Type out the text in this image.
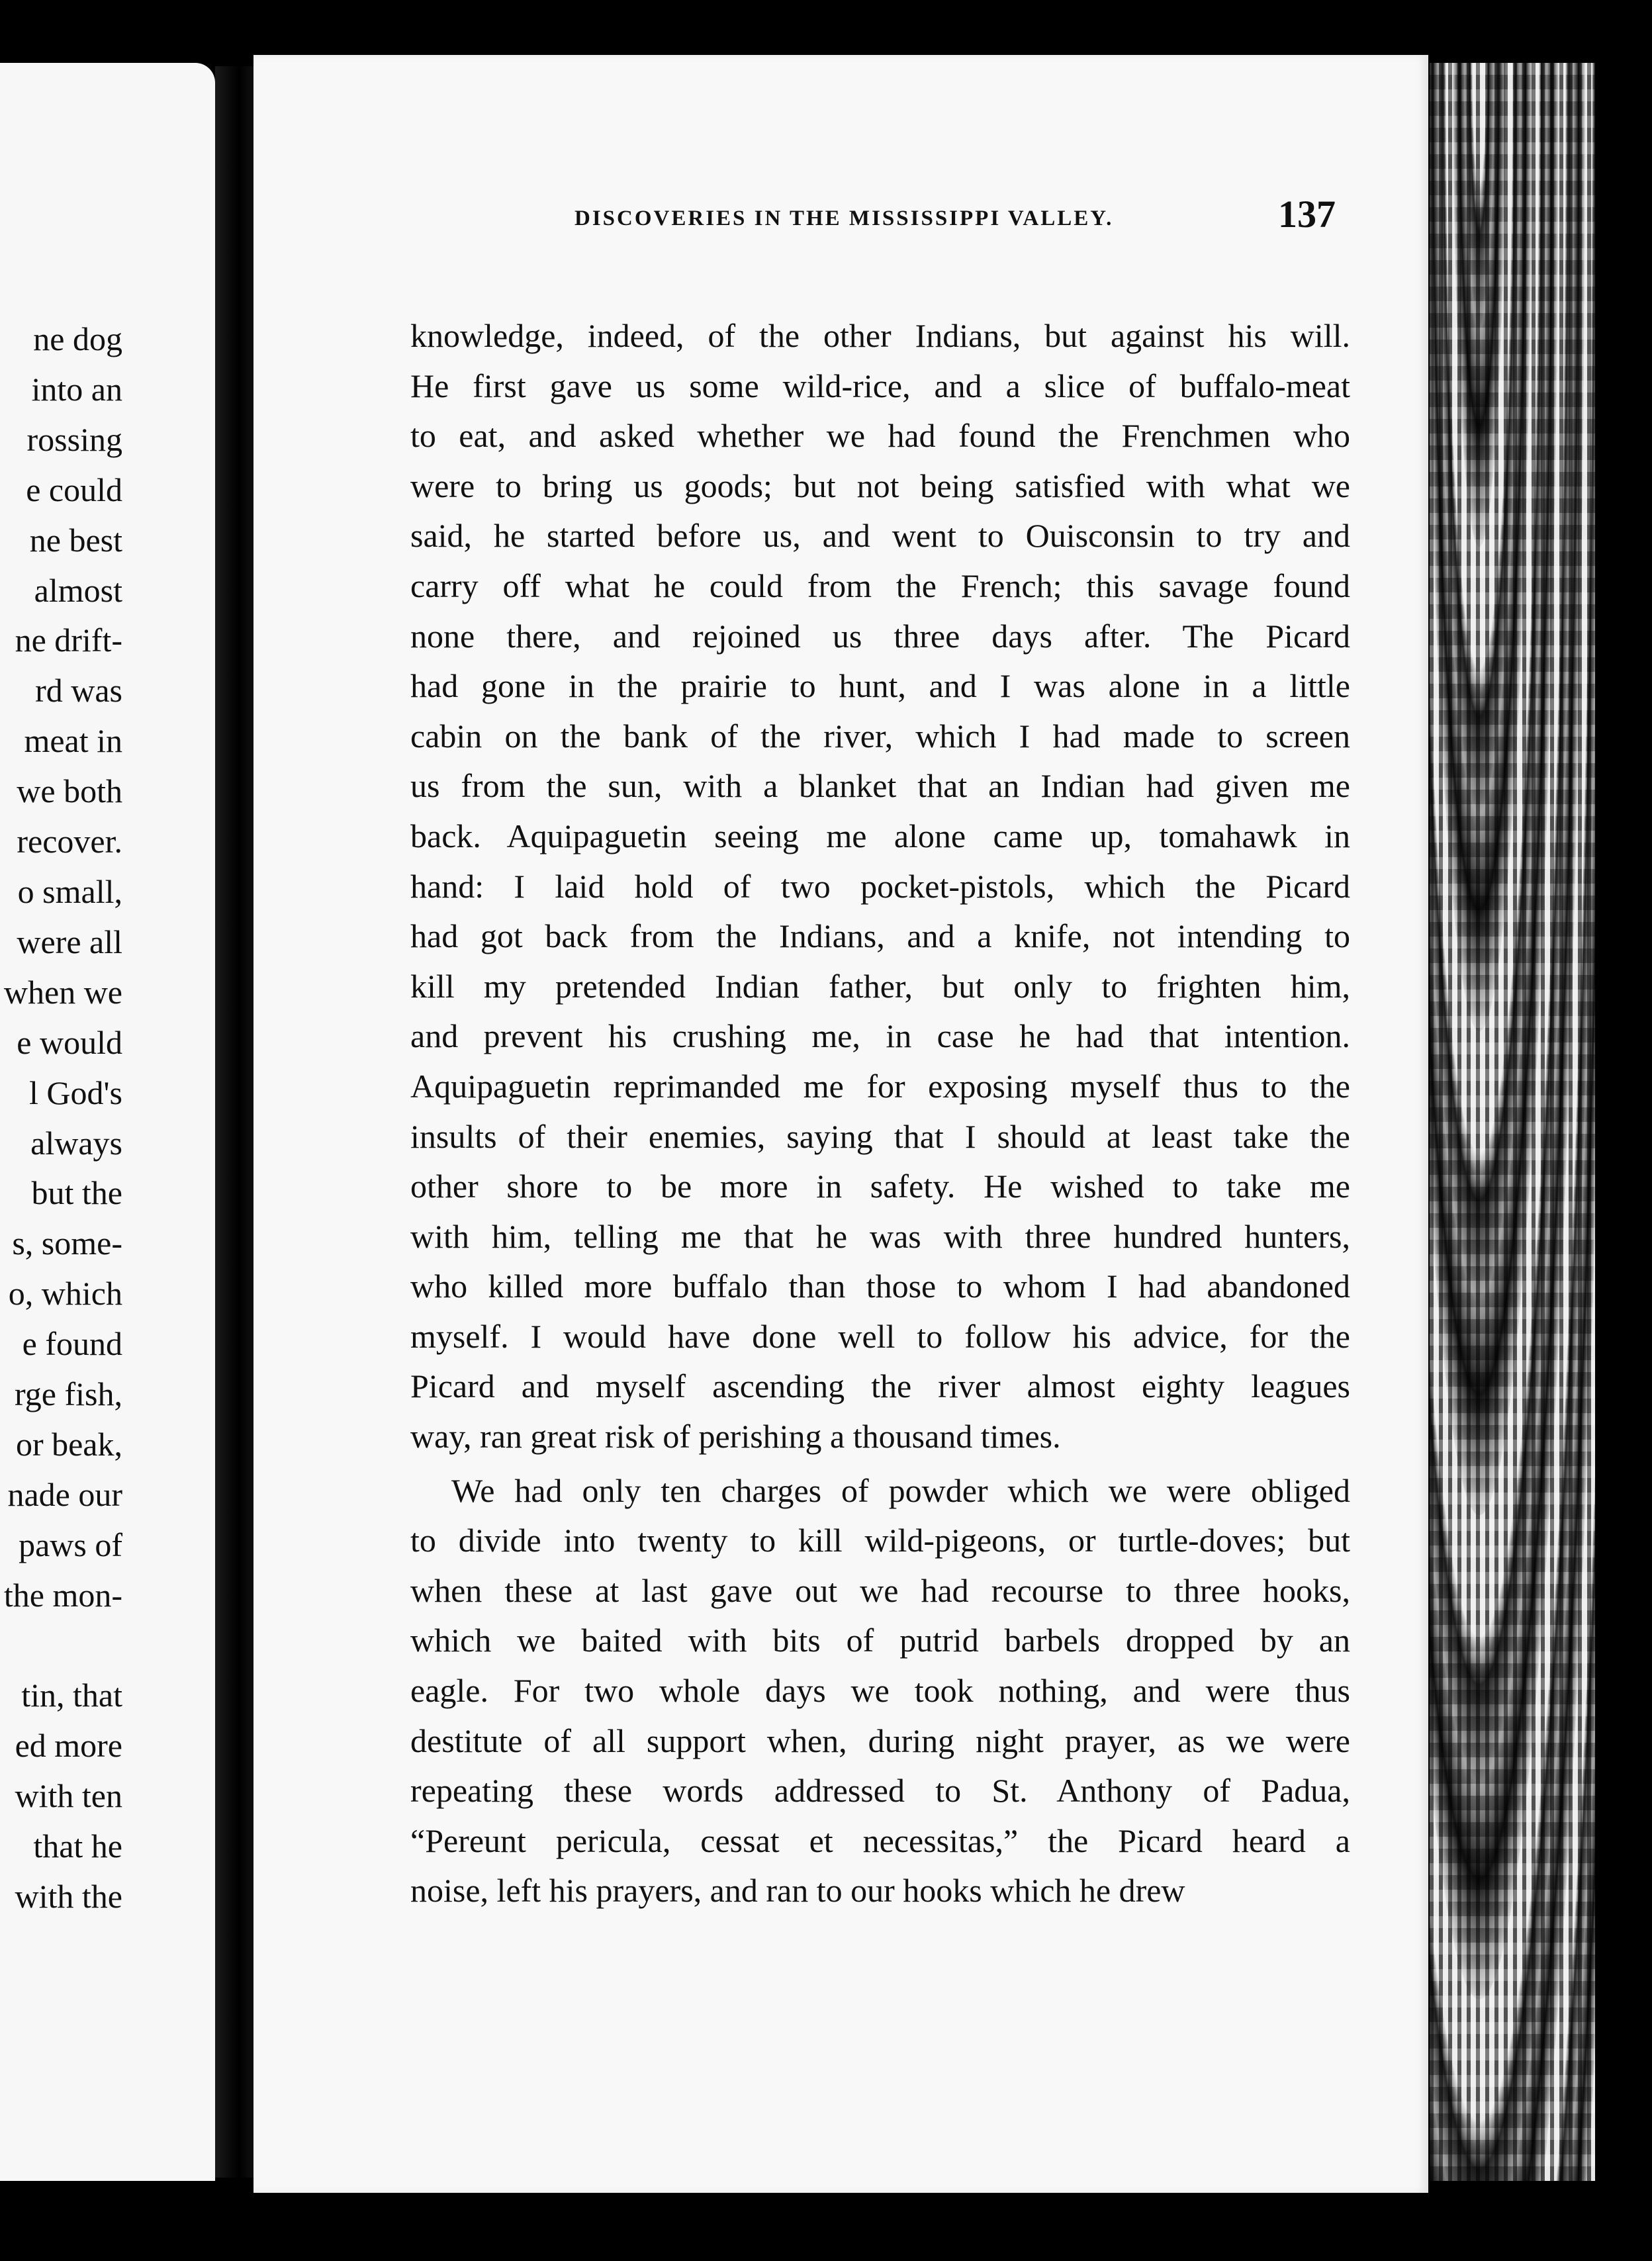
ne dog
into an
rossing
e could
ne best
almost
ne drift-
rd was
meat in
we both
recover.
o small,
were all
when we
e would
l God's
always
but the
s, some-
o, which
e found
rge fish,
or beak,
nade our
paws of
the mon-
tin, that
ed more
with ten
that he
with the
DISCOVERIES IN THE MISSISSIPPI VALLEY.	137
knowledge, indeed, of the other Indians, but against his will.
He first gave us some wild-rice, and a slice of buffalo-meat
to eat, and asked whether we had found the Frenchmen who
were to bring us goods; but not being satisfied with what we
said, he started before us, and went to Ouisconsin to try and
carry off what he could from the French; this savage found
none there, and rejoined us three days after. The Picard
had gone in the prairie to hunt, and I was alone in a little
cabin on the bank of the river, which I had made to screen
us from the sun, with a blanket that an Indian had given me
back. Aquipaguetin seeing me alone came up, tomahawk in
hand: I laid hold of two pocket-pistols, which the Picard
had got back from the Indians, and a knife, not intending to
kill my pretended Indian father, but only to frighten him,
and prevent his crushing me, in case he had that intention.
Aquipaguetin reprimanded me for exposing myself thus to the
insults of their enemies, saying that I should at least take the
other shore to be more in safety. He wished to take me
with him, telling me that he was with three hundred hunters,
who killed more buffalo than those to whom I had abandoned
myself. I would have done well to follow his advice, for the
Picard and myself ascending the river almost eighty leagues
way, ran great risk of perishing a thousand times.
We had only ten charges of powder which we were obliged
to divide into twenty to kill wild-pigeons, or turtle-doves; but
when these at last gave out we had recourse to three hooks,
which we baited with bits of putrid barbels dropped by an
eagle. For two whole days we took nothing, and were thus
destitute of all support when, during night prayer, as we were
repeating these words addressed to St. Anthony of Padua,
“Pereunt pericula, cessat et necessitas,” the Picard heard a
noise, left his prayers, and ran to our hooks which he drew
